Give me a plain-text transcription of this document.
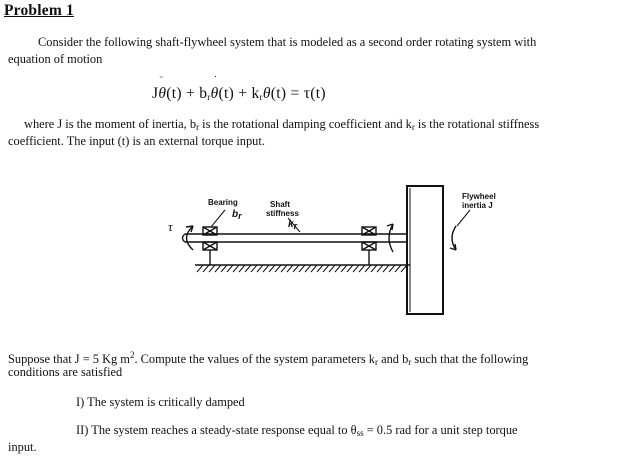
Problem 1
Consider the following shaft-flywheel system that is modeled as a second order rotating system with
equation of motion
J
¨
$\theta(t) + b_r$
˙
$\theta(t) + k_r\theta(t) = \tau(t)$
where J is the moment of inertia, $b_r$ is the rotational damping coefficient and $k_r$ is the rotational stiffness
coefficient. The input (t) is an external torque input.
Bearing
$b_r$
Shaft
stiffness
$k_r$
Flywheel
inertia J
τ
Suppose that J = 5 Kg $m^2$. Compute the values of the system parameters $k_r$ and $b_r$ such that the following
conditions are satisfied
I) The system is critically damped
II) The system reaches a steady-state response equal to $\theta_{ss} = 0.5$ rad for a unit step torque
input.
